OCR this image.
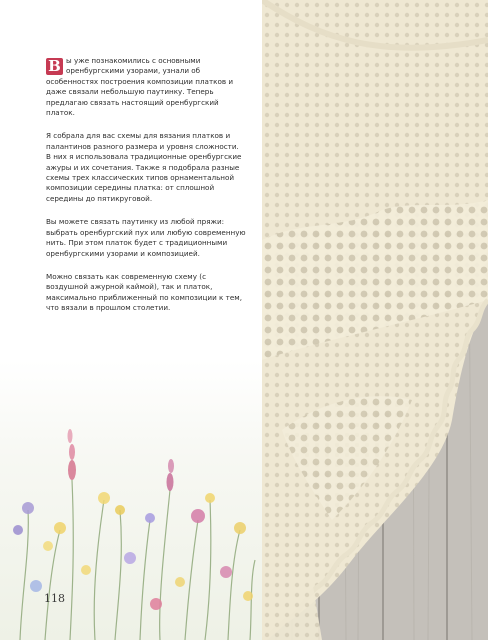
В ы уже познакомились с основными оренбургскими узорами, узнали об особенностях построения композиции платков и даже связали небольшую паутинку. Теперь предлагаю связать настоящий оренбургский платок.

Я собрала для вас схемы для вязания платков и палантинов разного размера и уровня сложности. В них я использовала традиционные оренбургские ажуры и их сочетания. Также я подобрала разные схемы трех классических типов орнаментальной композиции середины платка: от сплошной середины до пятикруговой.

Вы можете связать паутинку из любой пряжи: выбрать оренбургский пух или любую современную нить. При этом платок будет с традиционными оренбургскими узорами и композицией.

Можно связать как современную схему (с воздушной ажурной каймой), так и платок, максимально приближенный по композиции к тем, что вязали в прошлом столетии.

118
